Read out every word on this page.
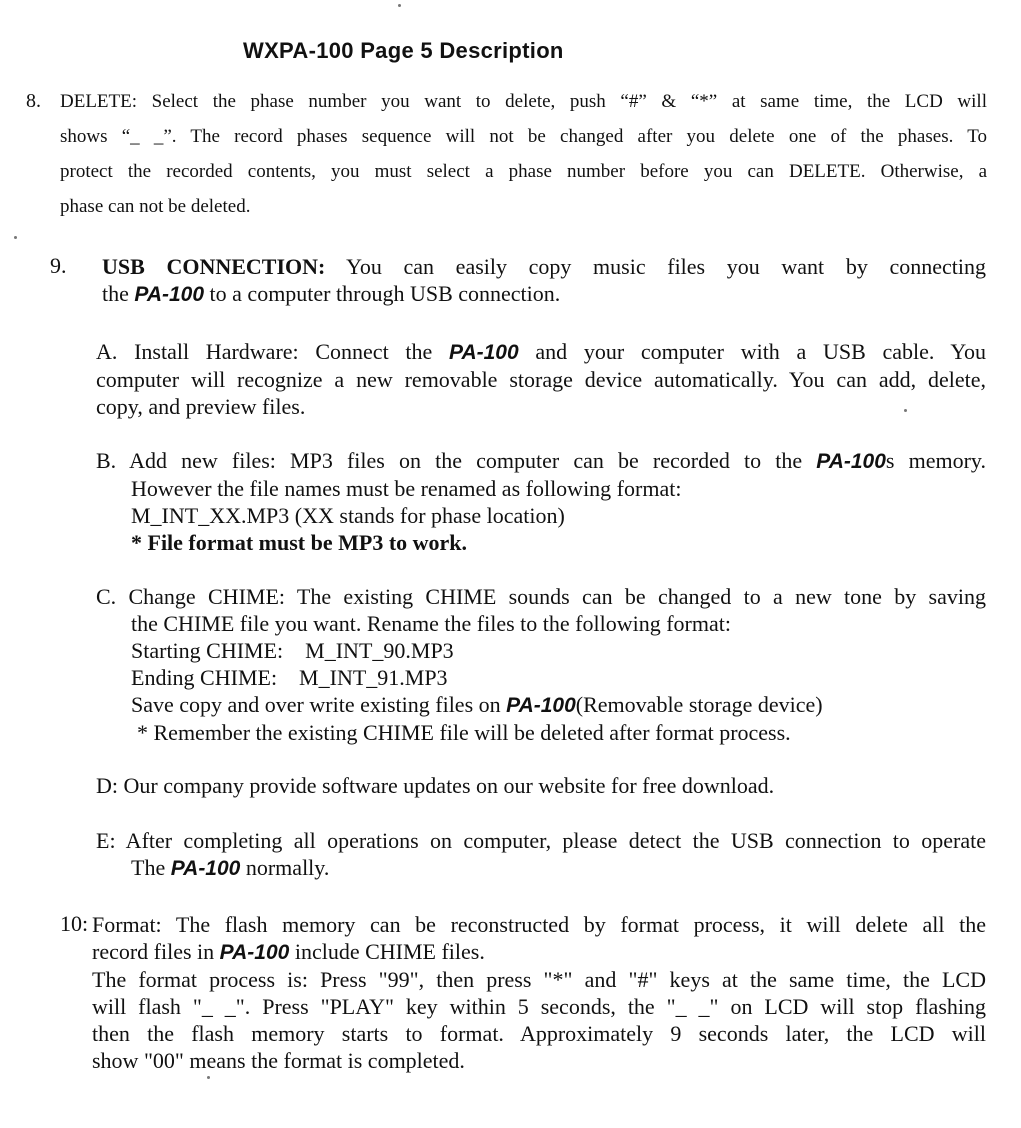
WXPA-100 Page 5 Description
8. DELETE: Select the phase number you want to delete, push “#” & “*” at same time, the LCD will
shows “_ _”. The record phases sequence will not be changed after you delete one of the phases. To
protect the recorded contents, you must select a phase number before you can DELETE. Otherwise, a
phase can not be deleted.
9. USB CONNECTION: You can easily copy music files you want by connecting
the PA-100 to a computer through USB connection.
A. Install Hardware: Connect the PA-100 and your computer with a USB cable. You
computer will recognize a new removable storage device automatically. You can add, delete,
copy, and preview files.
B. Add new files: MP3 files on the computer can be recorded to the PA-100s memory.
However the file names must be renamed as following format:
M_INT_XX.MP3 (XX stands for phase location)
* File format must be MP3 to work.
C. Change CHIME: The existing CHIME sounds can be changed to a new tone by saving
the CHIME file you want. Rename the files to the following format:
Starting CHIME:    M_INT_90.MP3
Ending CHIME:    M_INT_91.MP3
Save copy and over write existing files on PA-100(Removable storage device)
* Remember the existing CHIME file will be deleted after format process.
D: Our company provide software updates on our website for free download.
E: After completing all operations on computer, please detect the USB connection to operate
The PA-100 normally.
10: Format: The flash memory can be reconstructed by format process, it will delete all the
record files in PA-100 include CHIME files.
The format process is: Press "99", then press "*" and "#" keys at the same time, the LCD
will flash "_ _". Press "PLAY" key within 5 seconds, the "_ _" on LCD will stop flashing
then the flash memory starts to format. Approximately 9 seconds later, the LCD will
show "00" means the format is completed.
